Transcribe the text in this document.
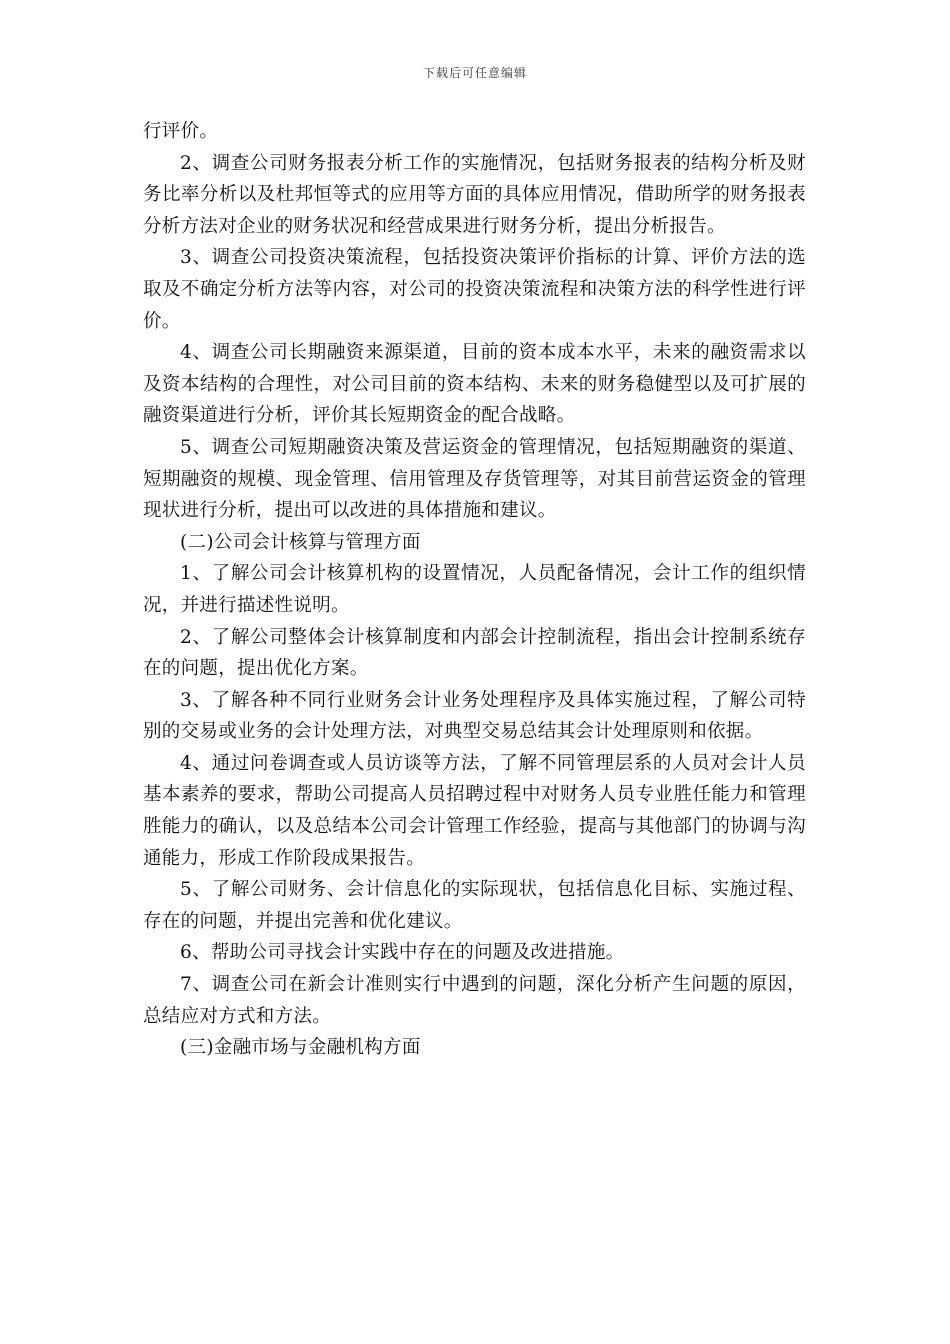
下载后可任意编辑

行评价。

2、调查公司财务报表分析工作的实施情况，包括财务报表的结构分析及财务比率分析以及杜邦恒等式的应用等方面的具体应用情况，借助所学的财务报表分析方法对企业的财务状况和经营成果进行财务分析，提出分析报告。

3、调查公司投资决策流程，包括投资决策评价指标的计算、评价方法的选取及不确定分析方法等内容，对公司的投资决策流程和决策方法的科学性进行评价。

4、调查公司长期融资来源渠道，目前的资本成本水平，未来的融资需求以及资本结构的合理性，对公司目前的资本结构、未来的财务稳健型以及可扩展的融资渠道进行分析，评价其长短期资金的配合战略。

5、调查公司短期融资决策及营运资金的管理情况，包括短期融资的渠道、短期融资的规模、现金管理、信用管理及存货管理等，对其目前营运资金的管理现状进行分析，提出可以改进的具体措施和建议。

(二)公司会计核算与管理方面

1、了解公司会计核算机构的设置情况，人员配备情况，会计工作的组织情况，并进行描述性说明。

2、了解公司整体会计核算制度和内部会计控制流程，指出会计控制系统存在的问题，提出优化方案。

3、了解各种不同行业财务会计业务处理程序及具体实施过程，了解公司特别的交易或业务的会计处理方法，对典型交易总结其会计处理原则和依据。

4、通过问卷调查或人员访谈等方法，了解不同管理层系的人员对会计人员基本素养的要求，帮助公司提高人员招聘过程中对财务人员专业胜任能力和管理胜能力的确认，以及总结本公司会计管理工作经验，提高与其他部门的协调与沟通能力，形成工作阶段成果报告。

5、了解公司财务、会计信息化的实际现状，包括信息化目标、实施过程、存在的问题，并提出完善和优化建议。

6、帮助公司寻找会计实践中存在的问题及改进措施。

7、调查公司在新会计准则实行中遇到的问题，深化分析产生问题的原因，总结应对方式和方法。

(三)金融市场与金融机构方面
